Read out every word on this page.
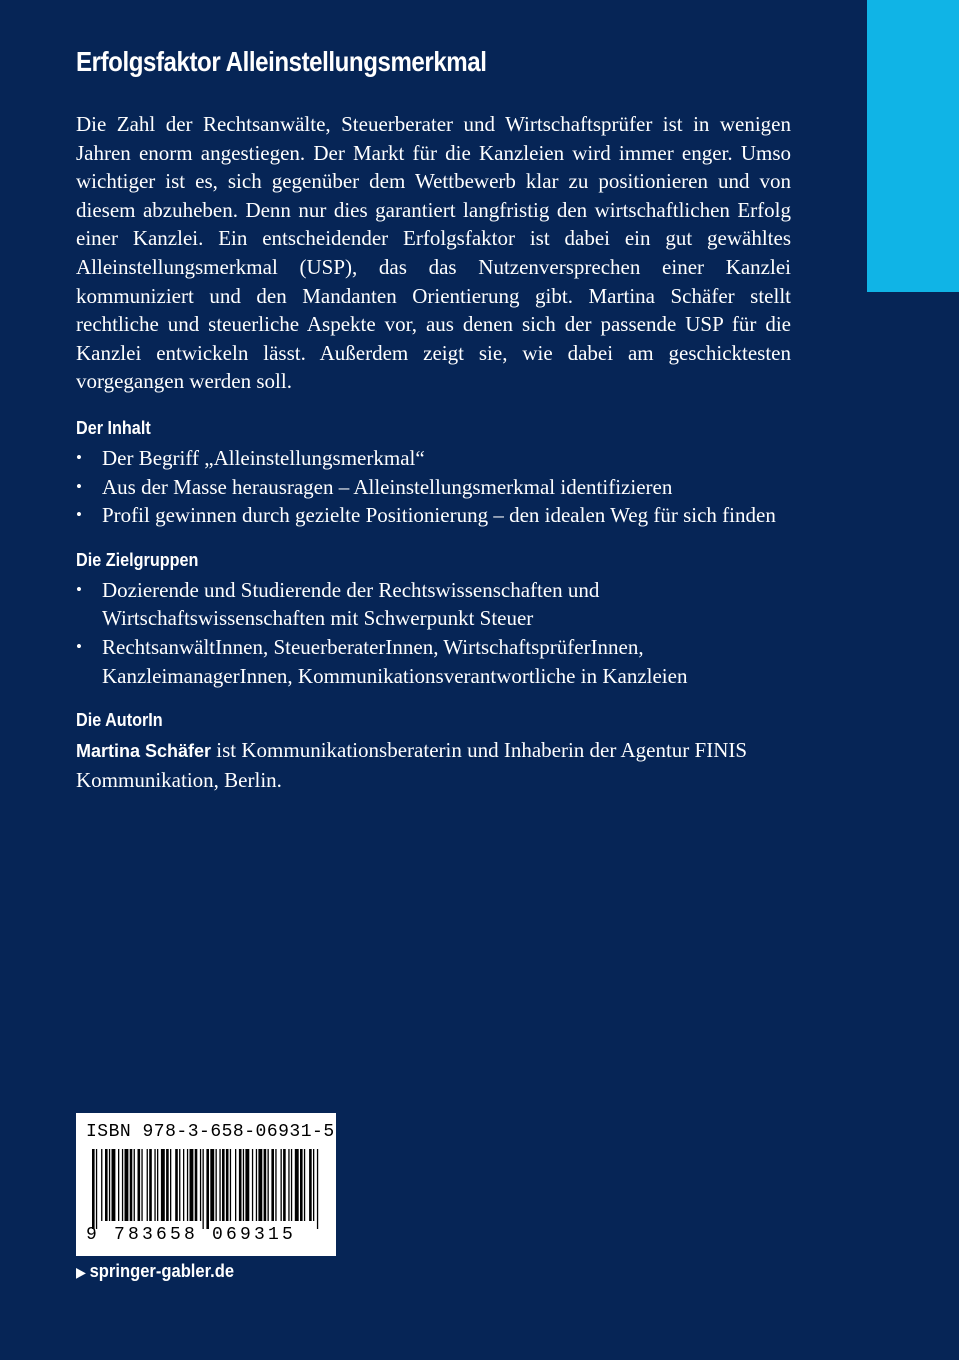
Erfolgsfaktor Alleinstellungsmerkmal

Die Zahl der Rechtsanwälte, Steuerberater und Wirtschaftsprüfer ist in wenigen Jahren enorm angestiegen. Der Markt für die Kanzleien wird immer enger. Umso wichtiger ist es, sich gegenüber dem Wettbewerb klar zu positionieren und von diesem abzuheben. Denn nur dies garantiert langfristig den wirtschaftlichen Erfolg einer Kanzlei. Ein entscheidender Erfolgsfaktor ist dabei ein gut gewähltes Alleinstellungsmerkmal (USP), das das Nutzenversprechen einer Kanzlei kommuniziert und den Mandanten Orientierung gibt. Martina Schäfer stellt rechtliche und steuerliche Aspekte vor, aus denen sich der passende USP für die Kanzlei entwickeln lässt. Außerdem zeigt sie, wie dabei am geschicktesten vorgegangen werden soll.

Der Inhalt
• Der Begriff „Alleinstellungsmerkmal“
• Aus der Masse herausragen – Alleinstellungsmerkmal identifizieren
• Profil gewinnen durch gezielte Positionierung – den idealen Weg für sich finden
Die Zielgruppen
• Dozierende und Studierende der Rechtswissenschaften und Wirtschaftswissenschaften mit Schwerpunkt Steuer
• RechtsanwältInnen, SteuerberaterInnen, WirtschaftsprüferInnen, KanzleimanagerInnen, Kommunikationsverantwortliche in Kanzleien
Die AutorIn

Martina Schäfer ist Kommunikationsberaterin und Inhaberin der Agentur FINIS Kommunikation, Berlin.

ISBN 978-3-658-06931-5
9 783658 069315
▶ springer-gabler.de
